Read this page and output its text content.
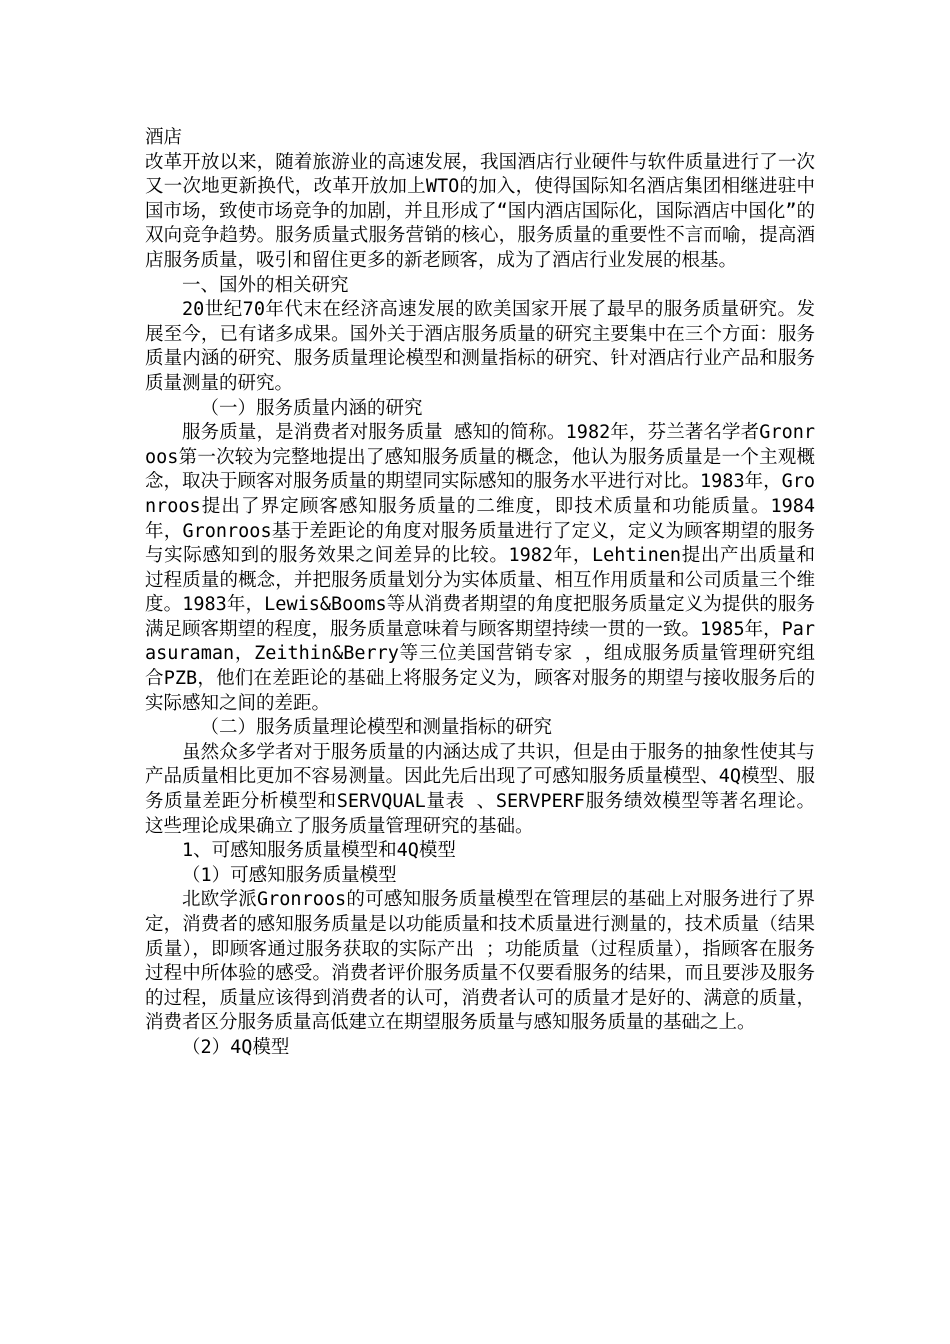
酒店

改革开放以来，随着旅游业的高速发展，我国酒店行业硬件与软件质量进行了一次又一次地更新换代，改革开放加上WTO的加入，使得国际知名酒店集团相继进驻中国市场，致使市场竞争的加剧，并且形成了“国内酒店国际化，国际酒店中国化”的双向竞争趋势。服务质量式服务营销的核心，服务质量的重要性不言而喻，提高酒店服务质量，吸引和留住更多的新老顾客，成为了酒店行业发展的根基。

一、国外的相关研究

20世纪70年代末在经济高速发展的欧美国家开展了最早的服务质量研究。发展至今，已有诸多成果。国外关于酒店服务质量的研究主要集中在三个方面：服务质量内涵的研究、服务质量理论模型和测量指标的研究、针对酒店行业产品和服务质量测量的研究。

（一）服务质量内涵的研究

服务质量，是消费者对服务质量 感知的简称。1982年，芬兰著名学者Gronroos第一次较为完整地提出了感知服务质量的概念，他认为服务质量是一个主观概念，取决于顾客对服务质量的期望同实际感知的服务水平进行对比。1983年，Gronroos提出了界定顾客感知服务质量的二维度，即技术质量和功能质量。1984年，Gronroos基于差距论的角度对服务质量进行了定义，定义为顾客期望的服务与实际感知到的服务效果之间差异的比较。1982年，Lehtinen提出产出质量和过程质量的概念，并把服务质量划分为实体质量、相互作用质量和公司质量三个维度。1983年，Lewis&Booms等从消费者期望的角度把服务质量定义为提供的服务满足顾客期望的程度，服务质量意味着与顾客期望持续一贯的一致。1985年，Parasuraman，Zeithin&Berry等三位美国营销专家 ，组成服务质量管理研究组合PZB，他们在差距论的基础上将服务定义为，顾客对服务的期望与接收服务后的实际感知之间的差距。

（二）服务质量理论模型和测量指标的研究

虽然众多学者对于服务质量的内涵达成了共识，但是由于服务的抽象性使其与产品质量相比更加不容易测量。因此先后出现了可感知服务质量模型、4Q模型、服务质量差距分析模型和SERVQUAL量表 、SERVPERF服务绩效模型等著名理论。这些理论成果确立了服务质量管理研究的基础。

1、可感知服务质量模型和4Q模型

（1）可感知服务质量模型

北欧学派Gronroos的可感知服务质量模型在管理层的基础上对服务进行了界定，消费者的感知服务质量是以功能质量和技术质量进行测量的，技术质量（结果质量），即顾客通过服务获取的实际产出 ；功能质量（过程质量），指顾客在服务过程中所体验的感受。消费者评价服务质量不仅要看服务的结果，而且要涉及服务的过程，质量应该得到消费者的认可，消费者认可的质量才是好的、满意的质量，消费者区分服务质量高低建立在期望服务质量与感知服务质量的基础之上。

（2）4Q模型
